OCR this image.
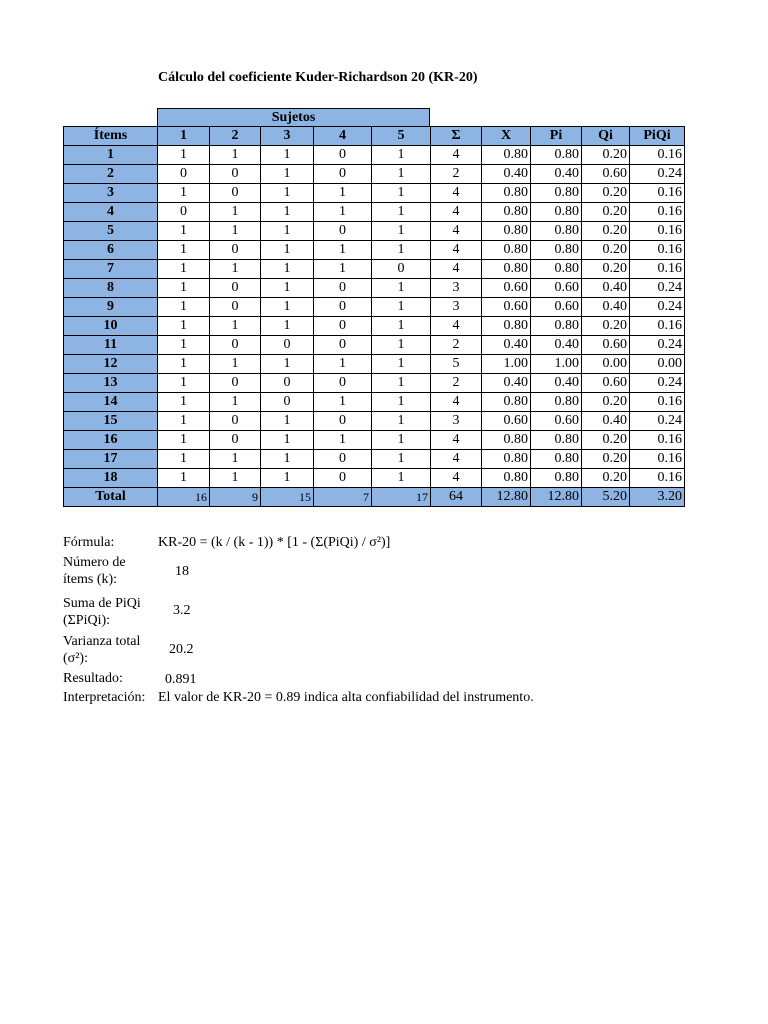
Cálculo del coeficiente Kuder-Richardson 20 (KR-20)
Sujetos
Ítems	1	2	3	4	5	Σ	X	Pi	Qi	PiQi
1	1	1	1	0	1	4	0.80	0.80	0.20	0.16
2	0	0	1	0	1	2	0.40	0.40	0.60	0.24
3	1	0	1	1	1	4	0.80	0.80	0.20	0.16
4	0	1	1	1	1	4	0.80	0.80	0.20	0.16
5	1	1	1	0	1	4	0.80	0.80	0.20	0.16
6	1	0	1	1	1	4	0.80	0.80	0.20	0.16
7	1	1	1	1	0	4	0.80	0.80	0.20	0.16
8	1	0	1	0	1	3	0.60	0.60	0.40	0.24
9	1	0	1	0	1	3	0.60	0.60	0.40	0.24
10	1	1	1	0	1	4	0.80	0.80	0.20	0.16
11	1	0	0	0	1	2	0.40	0.40	0.60	0.24
12	1	1	1	1	1	5	1.00	1.00	0.00	0.00
13	1	0	0	0	1	2	0.40	0.40	0.60	0.24
14	1	1	0	1	1	4	0.80	0.80	0.20	0.16
15	1	0	1	0	1	3	0.60	0.60	0.40	0.24
16	1	0	1	1	1	4	0.80	0.80	0.20	0.16
17	1	1	1	0	1	4	0.80	0.80	0.20	0.16
18	1	1	1	0	1	4	0.80	0.80	0.20	0.16
Total	16	9	15	7	17	64	12.80	12.80	5.20	3.20
Fórmula:	KR-20 = (k / (k - 1)) * [1 - (Σ(PiQi) / σ²)]
Número de ítems (k):
18
Suma de PiQi (ΣPiQi):
3.2
Varianza total (σ²):
20.2
Resultado:	0.891
Interpretación: El valor de KR-20 = 0.89 indica alta confiabilidad del instrumento.
